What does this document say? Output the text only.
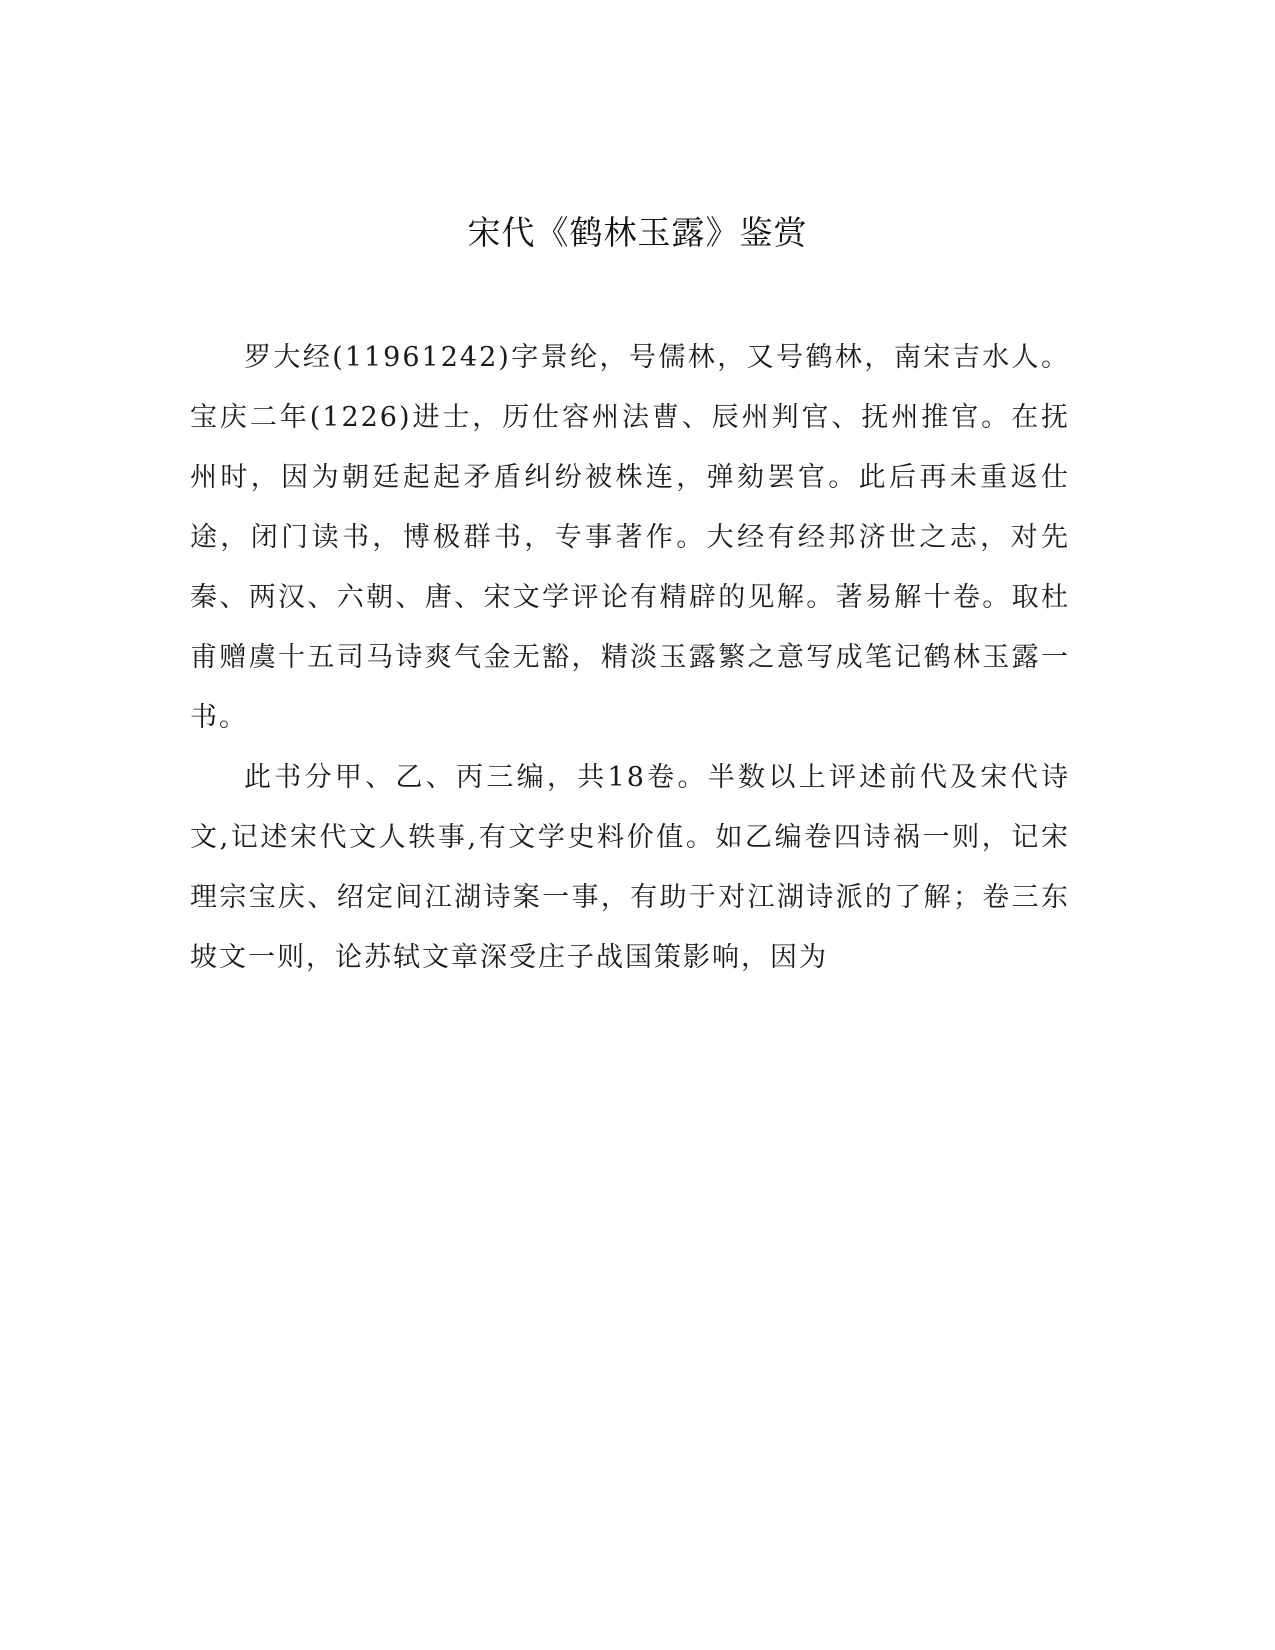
宋代《鹤林玉露》鉴赏

罗大经(11961242)字景纶，号儒林，又号鹤林，南宋吉水人。宝庆二年(1226)进士，历仕容州法曹、辰州判官、抚州推官。在抚州时，因为朝廷起起矛盾纠纷被株连，弹劾罢官。此后再未重返仕途，闭门读书，博极群书，专事著作。大经有经邦济世之志，对先秦、两汉、六朝、唐、宋文学评论有精辟的见解。著易解十卷。取杜甫赠虞十五司马诗爽气金无豁，精淡玉露繁之意写成笔记鹤林玉露一书。

此书分甲、乙、丙三编，共18卷。半数以上评述前代及宋代诗文,记述宋代文人轶事,有文学史料价值。如乙编卷四诗祸一则，记宋理宗宝庆、绍定间江湖诗案一事，有助于对江湖诗派的了解；卷三东坡文一则，论苏轼文章深受庄子战国策影响，因为
